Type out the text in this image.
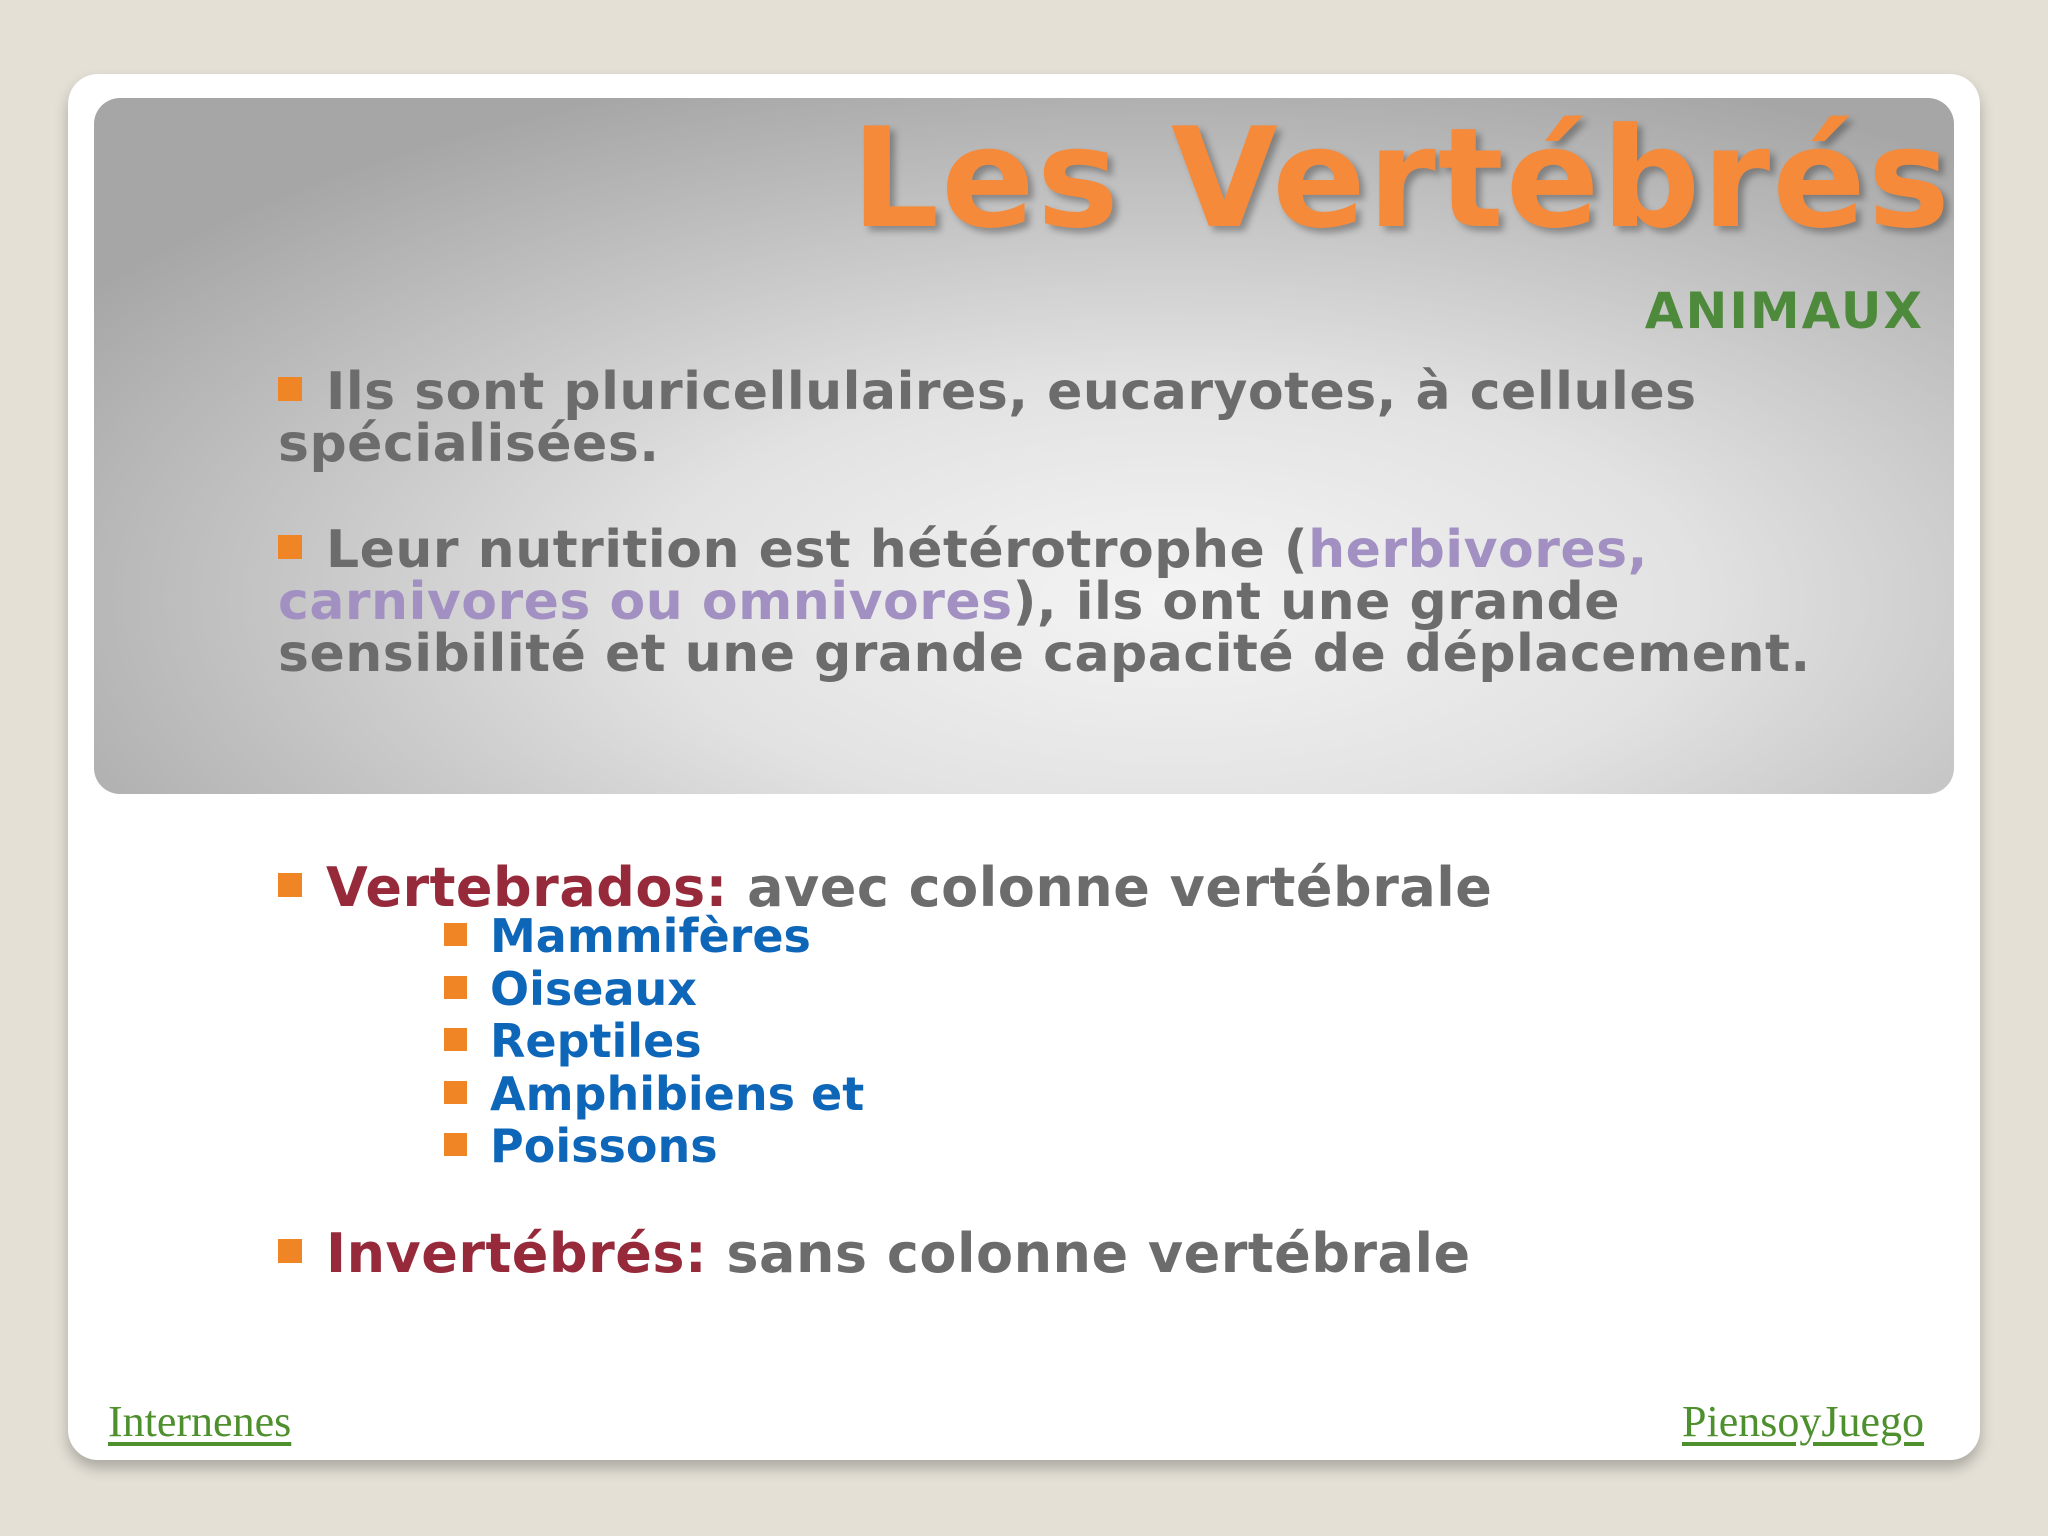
Les Vertébrés
ANIMAUX

Ils sont pluricellulaires, eucaryotes, à cellules spécialisées.

Leur nutrition est hétérotrophe (herbivores, carnivores ou omnivores), ils ont une grande sensibilité et une grande capacité de déplacement.

Vertebrados: avec colonne vertébrale
Mammifères
Oiseaux
Reptiles
Amphibiens et
Poissons
Invertébrés: sans colonne vertébrale
Internenes	PiensoyJuego
